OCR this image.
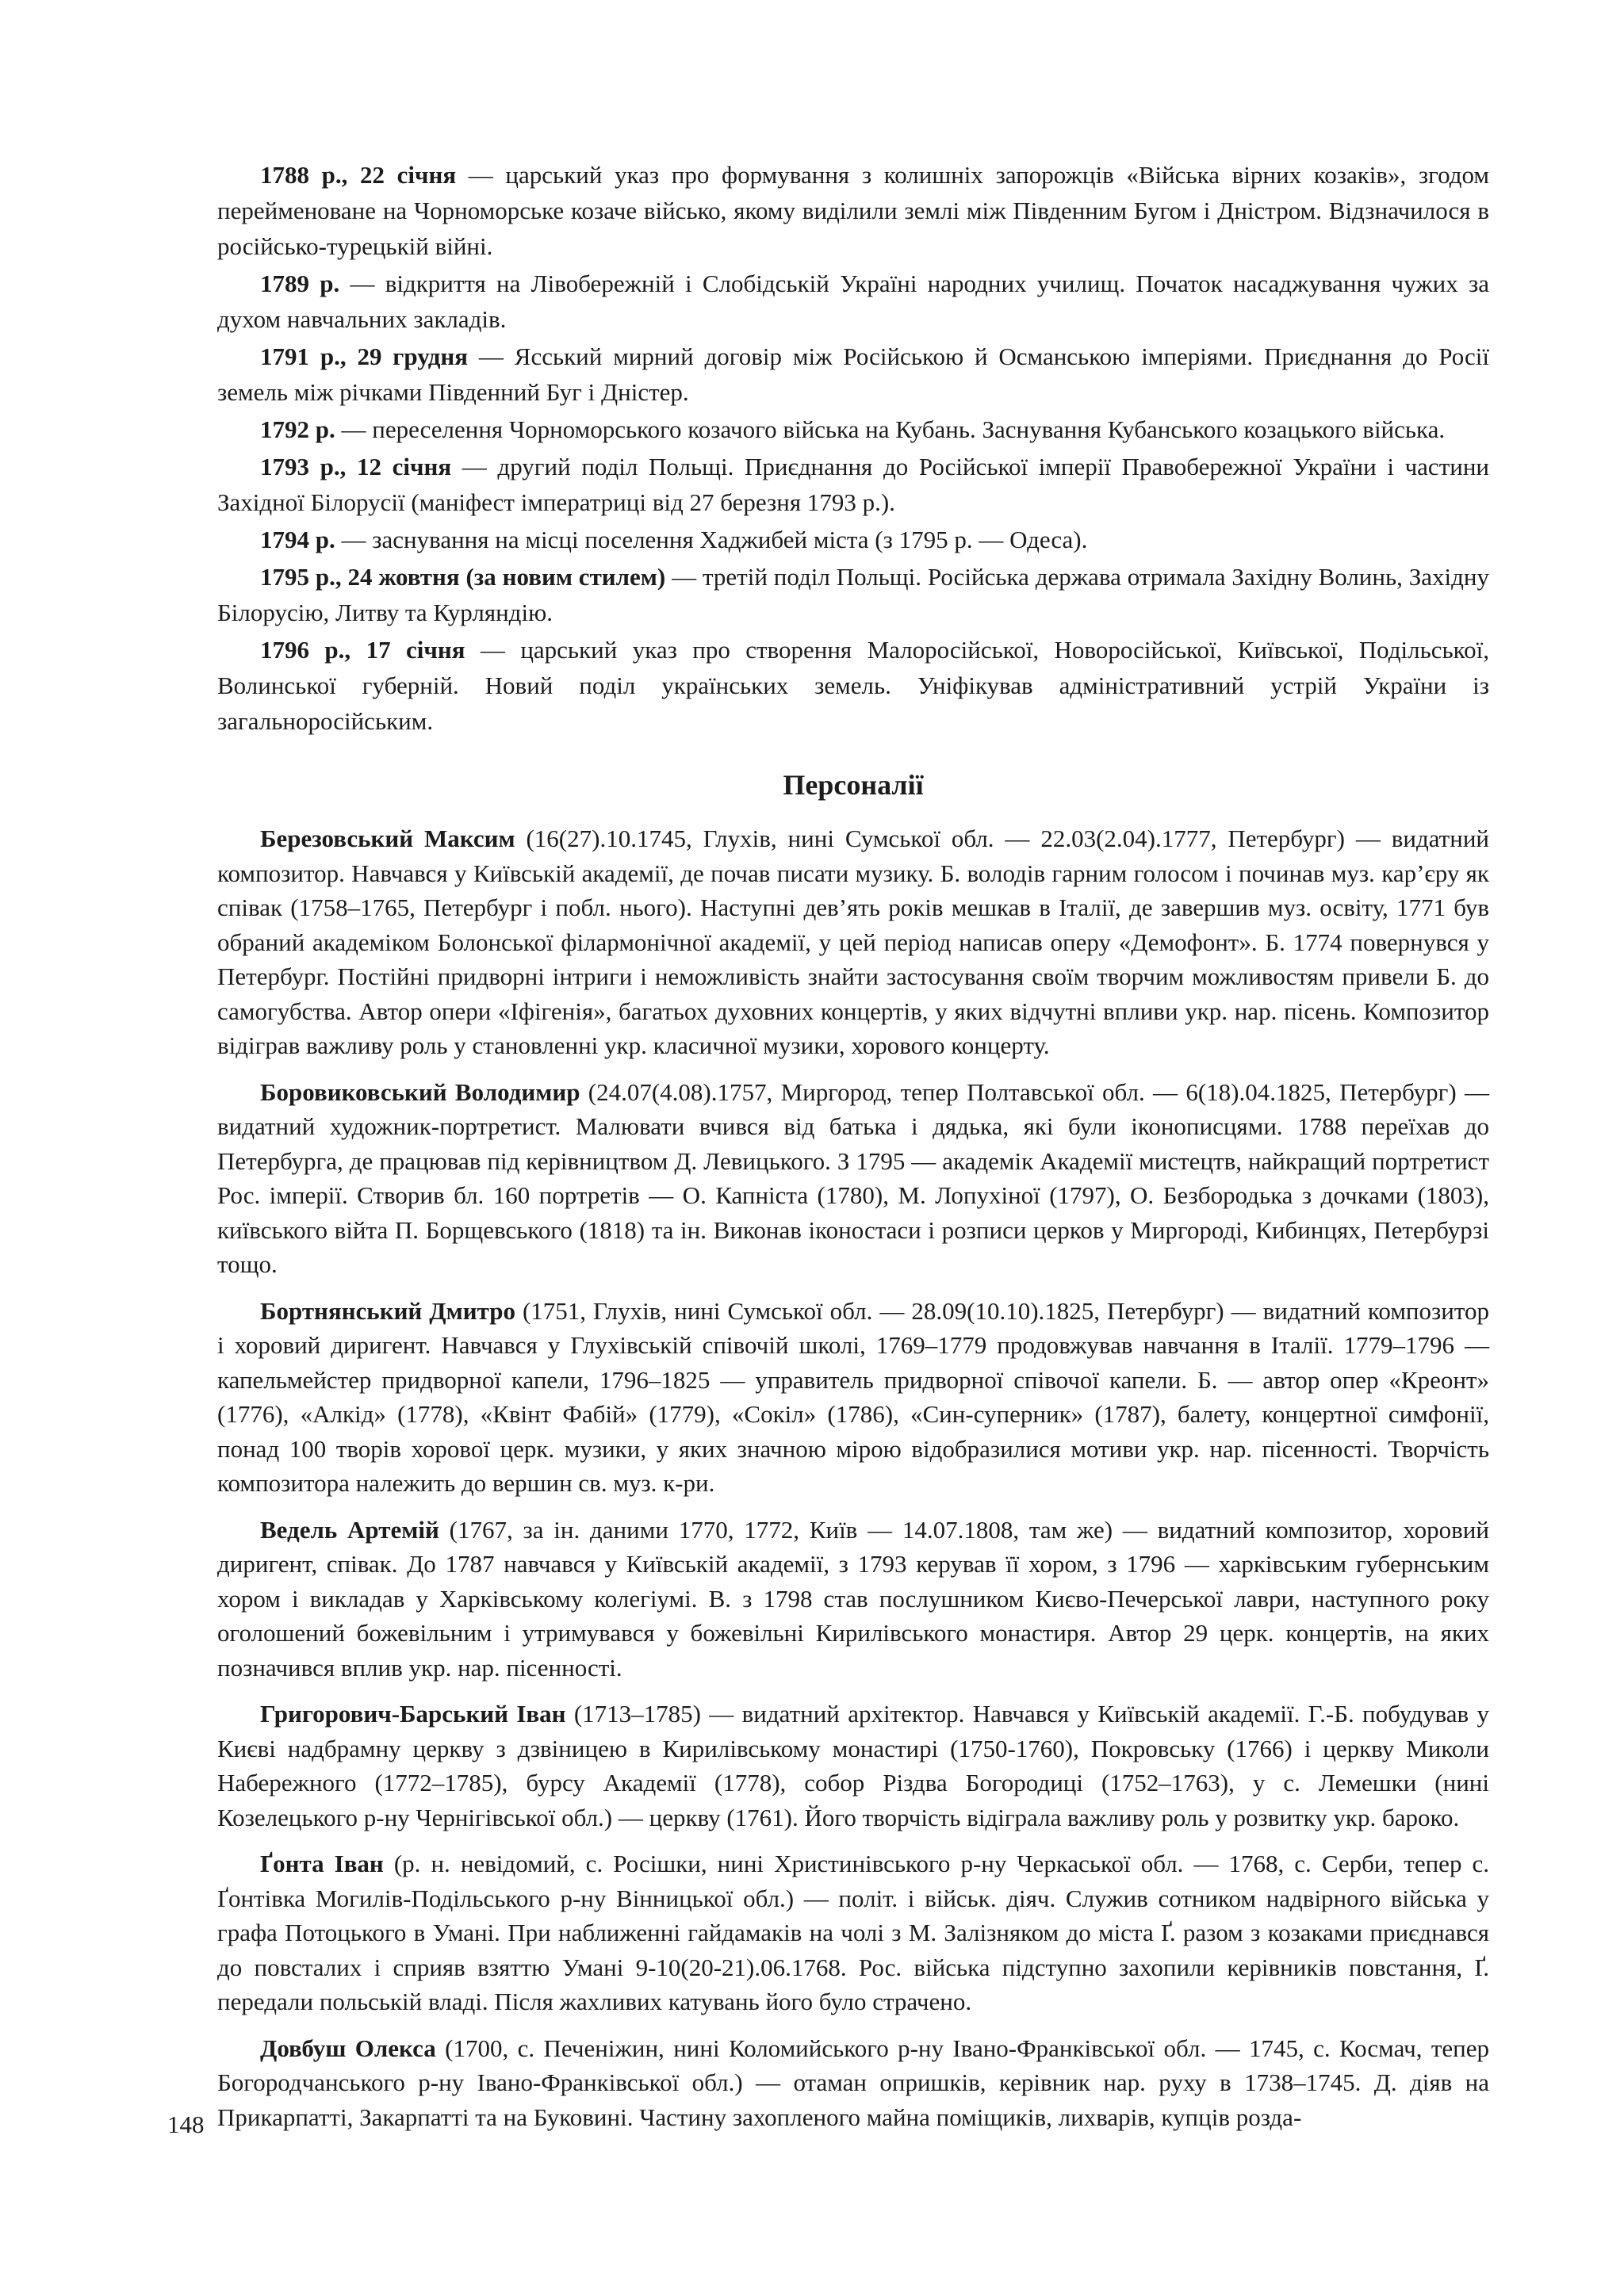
1788 р., 22 січня — царський указ про формування з колишніх запорожців «Війська вірних козаків», згодом перейменоване на Чорноморське козаче військо, якому виділили землі між Південним Бугом і Дністром. Відзначилося в російсько-турецькій війні.

1789 р. — відкриття на Лівобережній і Слобідській Україні народних училищ. Початок насаджування чужих за духом навчальних закладів.

1791 р., 29 грудня — Ясський мирний договір між Російською й Османською імперіями. Приєднання до Росії земель між річками Південний Буг і Дністер.

1792 р. — переселення Чорноморського козачого війська на Кубань. Заснування Кубанського козацького війська.

1793 р., 12 січня — другий поділ Польщі. Приєднання до Російської імперії Правобережної України і частини Західної Білорусії (маніфест імператриці від 27 березня 1793 р.).

1794 р. — заснування на місці поселення Хаджибей міста (з 1795 р. — Одеса).

1795 р., 24 жовтня (за новим стилем) — третій поділ Польщі. Російська держава отримала Західну Волинь, Західну Білорусію, Литву та Курляндію.

1796 р., 17 січня — царський указ про створення Малоросійської, Новоросійської, Київської, Подільської, Волинської губерній. Новий поділ українських земель. Уніфікував адміністративний устрій України із загальноросійським.

Персоналії

Березовський Максим (16(27).10.1745, Глухів, нині Сумської обл. — 22.03(2.04).1777, Петербург) — видатний композитор. Навчався у Київській академії, де почав писати музику. Б. володів гарним голосом і починав муз. кар’єру як співак (1758–1765, Петербург і побл. нього). Наступні дев’ять років мешкав в Італії, де завершив муз. освіту, 1771 був обраний академіком Болонської філармонічної академії, у цей період написав оперу «Демофонт». Б. 1774 повернувся у Петербург. Постійні придворні інтриги і неможливість знайти застосування своїм творчим можливостям привели Б. до самогубства. Автор опери «Іфігенія», багатьох духовних концертів, у яких відчутні впливи укр. нар. пісень. Композитор відіграв важливу роль у становленні укр. класичної музики, хорового концерту.

Боровиковський Володимир (24.07(4.08).1757, Миргород, тепер Полтавської обл. — 6(18).04.1825, Петербург) — видатний художник-портретист. Малювати вчився від батька і дядька, які були іконописцями. 1788 переїхав до Петербурга, де працював під керівництвом Д. Левицького. З 1795 — академік Академії мистецтв, найкращий портретист Рос. імперії. Створив бл. 160 портретів — О. Капніста (1780), М. Лопухіної (1797), О. Безбородька з дочками (1803), київського війта П. Борщевського (1818) та ін. Виконав іконостаси і розписи церков у Миргороді, Кибинцях, Петербурзі тощо.

Бортнянський Дмитро (1751, Глухів, нині Сумської обл. — 28.09(10.10).1825, Петербург) — видатний композитор і хоровий диригент. Навчався у Глухівській співочій школі, 1769–1779 продовжував навчання в Італії. 1779–1796 — капельмейстер придворної капели, 1796–1825 — управитель придворної співочої капели. Б. — автор опер «Креонт» (1776), «Алкід» (1778), «Квінт Фабій» (1779), «Сокіл» (1786), «Син-суперник» (1787), балету, концертної симфонії, понад 100 творів хорової церк. музики, у яких значною мірою відобразилися мотиви укр. нар. пісенності. Творчість композитора належить до вершин св. муз. к-ри.

Ведель Артемій (1767, за ін. даними 1770, 1772, Київ — 14.07.1808, там же) — видатний композитор, хоровий диригент, співак. До 1787 навчався у Київській академії, з 1793 керував її хором, з 1796 — харківським губернським хором і викладав у Харківському колегіумі. В. з 1798 став послушником Києво-Печерської лаври, наступного року оголошений божевільним і утримувався у божевільні Кирилівського монастиря. Автор 29 церк. концертів, на яких позначився вплив укр. нар. пісенності.

Григорович-Барський Іван (1713–1785) — видатний архітектор. Навчався у Київській академії. Г.-Б. побудував у Києві надбрамну церкву з дзвіницею в Кирилівському монастирі (1750-1760), Покровську (1766) і церкву Миколи Набережного (1772–1785), бурсу Академії (1778), собор Різдва Богородиці (1752–1763), у с. Лемешки (нині Козелецького р-ну Чернігівської обл.) — церкву (1761). Його творчість відіграла важливу роль у розвитку укр. бароко.

Ґонта Іван (р. н. невідомий, с. Росішки, нині Христинівського р-ну Черкаської обл. — 1768, с. Серби, тепер с. Ґонтівка Могилів-Подільського р-ну Вінницької обл.) — політ. і військ. діяч. Служив сотником надвірного війська у графа Потоцького в Умані. При наближенні гайдамаків на чолі з М. Залізняком до міста Ґ. разом з козаками приєднався до повсталих і сприяв взяттю Умані 9-10(20-21).06.1768. Рос. війська підступно захопили керівників повстання, Ґ. передали польській владі. Після жахливих катувань його було страчено.

Довбуш Олекса (1700, с. Печеніжин, нині Коломийського р-ну Івано-Франківської обл. — 1745, с. Космач, тепер Богородчанського р-ну Івано-Франківської обл.) — отаман опришків, керівник нар. руху в 1738–1745. Д. діяв на Прикарпатті, Закарпатті та на Буковині. Частину захопленого майна поміщиків, лихварів, купців розда-

148
